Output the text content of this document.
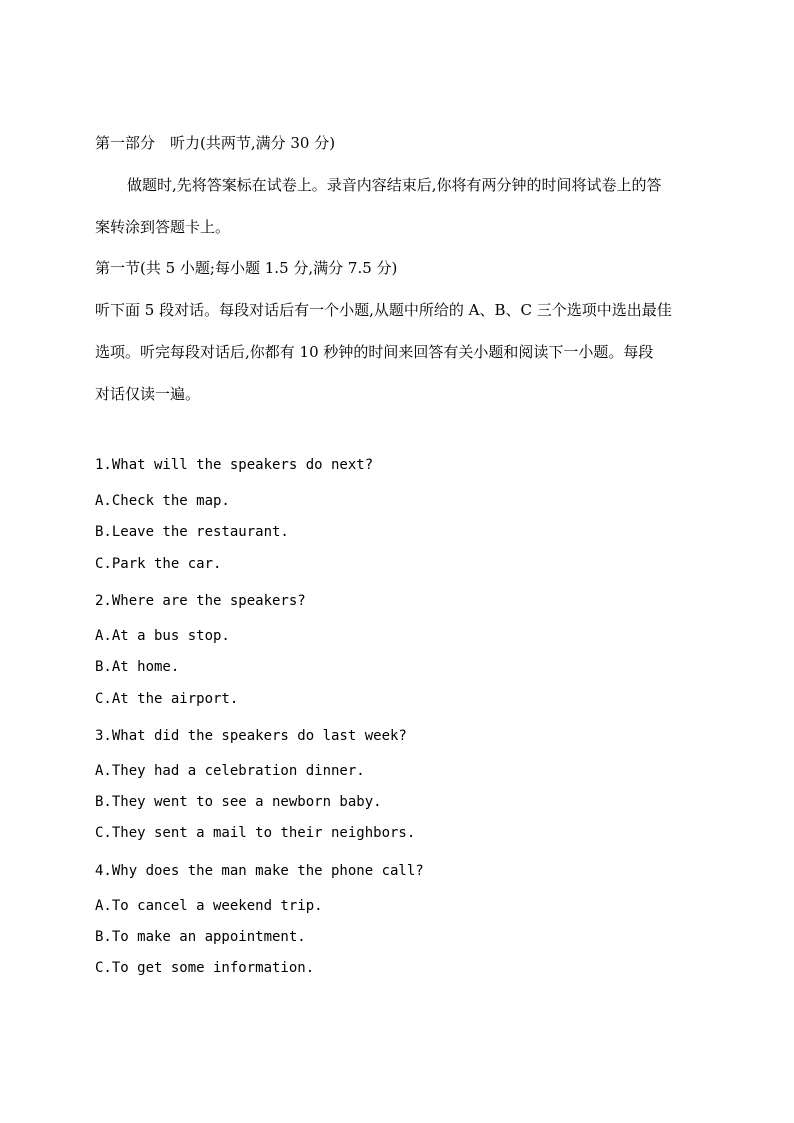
第一部分　听力(共两节,满分 30 分)
做题时,先将答案标在试卷上。录音内容结束后,你将有两分钟的时间将试卷上的答
案转涂到答题卡上。
第一节(共 5 小题;每小题 1.5 分,满分 7.5 分)
听下面 5 段对话。每段对话后有一个小题,从题中所给的 A、B、C 三个选项中选出最佳
选项。听完每段对话后,你都有 10 秒钟的时间来回答有关小题和阅读下一小题。每段
对话仅读一遍。
1.What will the speakers do next?
A.Check the map.
B.Leave the restaurant.
C.Park the car.
2.Where are the speakers?
A.At a bus stop.
B.At home.
C.At the airport.
3.What did the speakers do last week?
A.They had a celebration dinner.
B.They went to see a newborn baby.
C.They sent a mail to their neighbors.
4.Why does the man make the phone call?
A.To cancel a weekend trip.
B.To make an appointment.
C.To get some information.
